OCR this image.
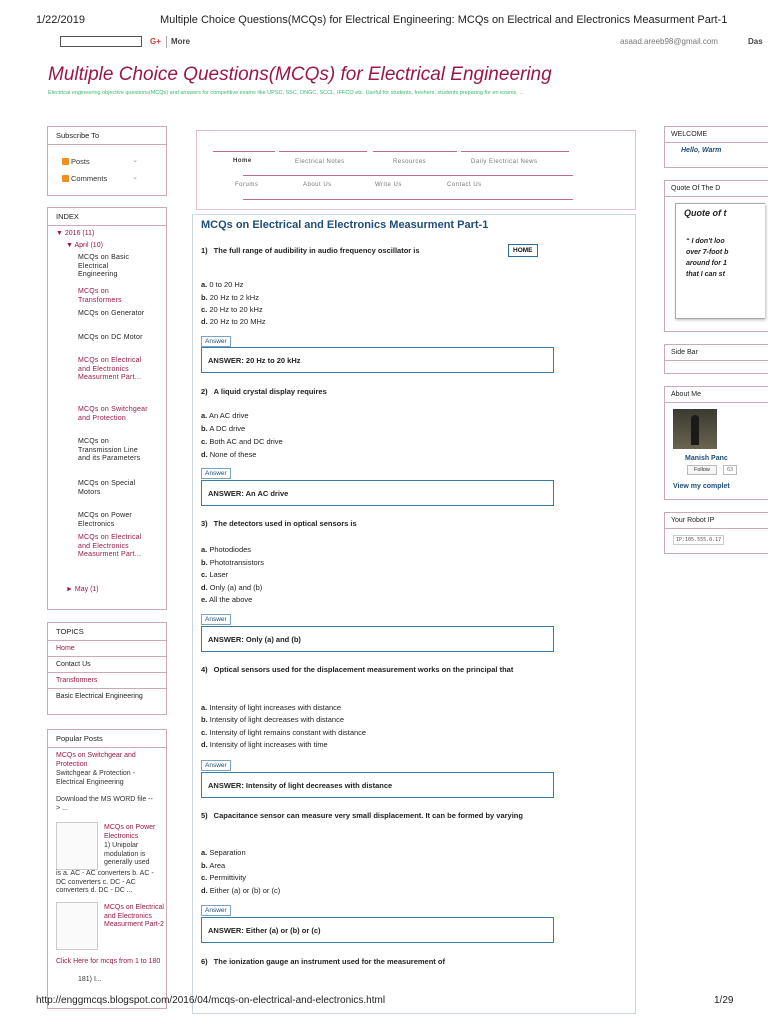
1/22/2019	Multiple Choice Questions(MCQs) for Electrical Engineering: MCQs on Electrical and Electronics Measurment Part-1
G+ More	asaad.areeb98@gmail.com	Das
Multiple Choice Questions(MCQs) for Electrical Engineering
Electrical engineering objective questions(MCQs) and answers for competitive exams like UPSC, SSC, ONGC, SCCL, IFFCO etc. Useful for students, freshers, students preparing for en exams, ...
Subscribe To
Posts	⌄
Comments	⌄
INDEX
▼ 2016 (11)
▼ April (10)
MCQs on Basic Electrical Engineering
MCQs on Transformers
MCQs on Generator
MCQs on DC Motor
MCQs on Electrical and Electronics Measurment Part...
MCQs on Switchgear and Protection
MCQs on Transmission Line and its Parameters
MCQs on Special Motors
MCQs on Power Electronics
MCQs on Electrical and Electronics Measurment Part...
► May (1)
TOPICS
Home
Contact Us
Transformers
Basic Electrical Engineering
Popular Posts
MCQs on Switchgear and Protection
Switchgear & Protection - Electrical Engineering
Download the MS WORD file --> ...
MCQs on Power Electronics
1) Unipolar modulation is generally used
is a. AC - AC converters b. AC - DC converters c. DC - AC converters d. DC - DC ...
MCQs on Electrical and Electronics Measurment Part-2
Click Here for mcqs from 1 to 180
181) I...
Home	Electrical Notes	Resources	Daily Electrical News
Forums	About Us	Write Us	Contact Us
MCQs on Electrical and Electronics Measurment Part-1
1) The full range of audibility in audio frequency oscillator is
a. 0 to 20 Hz
b. 20 Hz to 2 kHz
c. 20 Hz to 20 kHz
d. 20 Hz to 20 MHz
Answer
ANSWER: 20 Hz to 20 kHz
2) A liquid crystal display requires
a. An AC drive
b. A DC drive
c. Both AC and DC drive
d. None of these
Answer
ANSWER: An AC drive
3) The detectors used in optical sensors is
a. Photodiodes
b. Phototransistors
c. Laser
d. Only (a) and (b)
e. All the above
Answer
ANSWER: Only (a) and (b)
4) Optical sensors used for the displacement measurement works on the principal that
a. Intensity of light increases with distance
b. Intensity of light decreases with distance
c. Intensity of light remains constant with distance
d. Intensity of light increases with time
Answer
ANSWER: Intensity of light decreases with distance
5) Capacitance sensor can measure very small displacement. It can be formed by varying
a. Separation
b. Area
c. Permittivity
d. Either (a) or (b) or (c)
Answer
ANSWER: Either (a) or (b) or (c)
6) The ionization gauge an instrument used for the measurement of
HOME
WELCOME
Hello, Warm
Quote Of The D
Quote of t
“ I don't loo
over 7-foot b
around for 1
that I can st
Side Bar
About Me
Manish Panc
Follow	63
View my complet
Your Robot IP
IP:105.555.0.17
http://enggmcqs.blogspot.com/2016/04/mcqs-on-electrical-and-electronics.html	1/29
